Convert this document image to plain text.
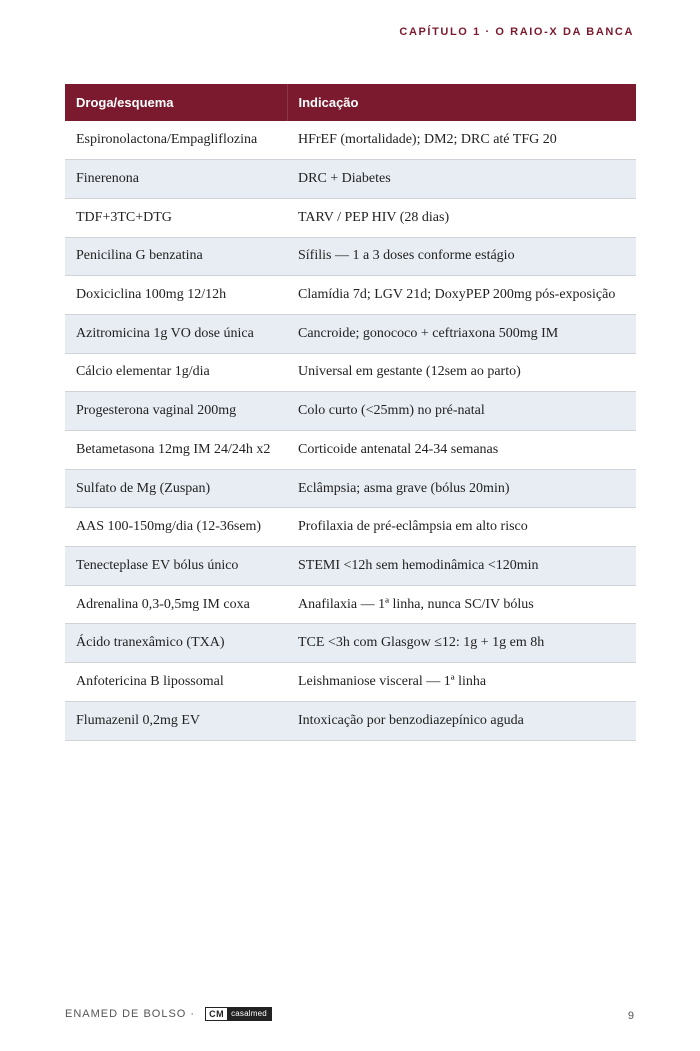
CAPÍTULO 1 · O RAIO-X DA BANCA
Droga/esquema	Indicação
Espironolactona/Empagliflozina	HFrEF (mortalidade); DM2; DRC até TFG 20
Finerenona	DRC + Diabetes
TDF+3TC+DTG	TARV / PEP HIV (28 dias)
Penicilina G benzatina	Sífilis — 1 a 3 doses conforme estágio
Doxiciclina 100mg 12/12h	Clamídia 7d; LGV 21d; DoxyPEP 200mg pós-exposição
Azitromicina 1g VO dose única	Cancroide; gonococo + ceftriaxona 500mg IM
Cálcio elementar 1g/dia	Universal em gestante (12sem ao parto)
Progesterona vaginal 200mg	Colo curto (<25mm) no pré-natal
Betametasona 12mg IM 24/24h x2	Corticoide antenatal 24-34 semanas
Sulfato de Mg (Zuspan)	Eclâmpsia; asma grave (bólus 20min)
AAS 100-150mg/dia (12-36sem)	Profilaxia de pré-eclâmpsia em alto risco
Tenecteplase EV bólus único	STEMI <12h sem hemodinâmica <120min
Adrenalina 0,3-0,5mg IM coxa	Anafilaxia — 1ª linha, nunca SC/IV bólus
Ácido tranexâmico (TXA)	TCE <3h com Glasgow ≤12: 1g + 1g em 8h
Anfotericina B lipossomal	Leishmaniose visceral — 1ª linha
Flumazenil 0,2mg EV	Intoxicação por benzodiazepínico aguda
ENAMED DE BOLSO ·	CM casalmed	9
